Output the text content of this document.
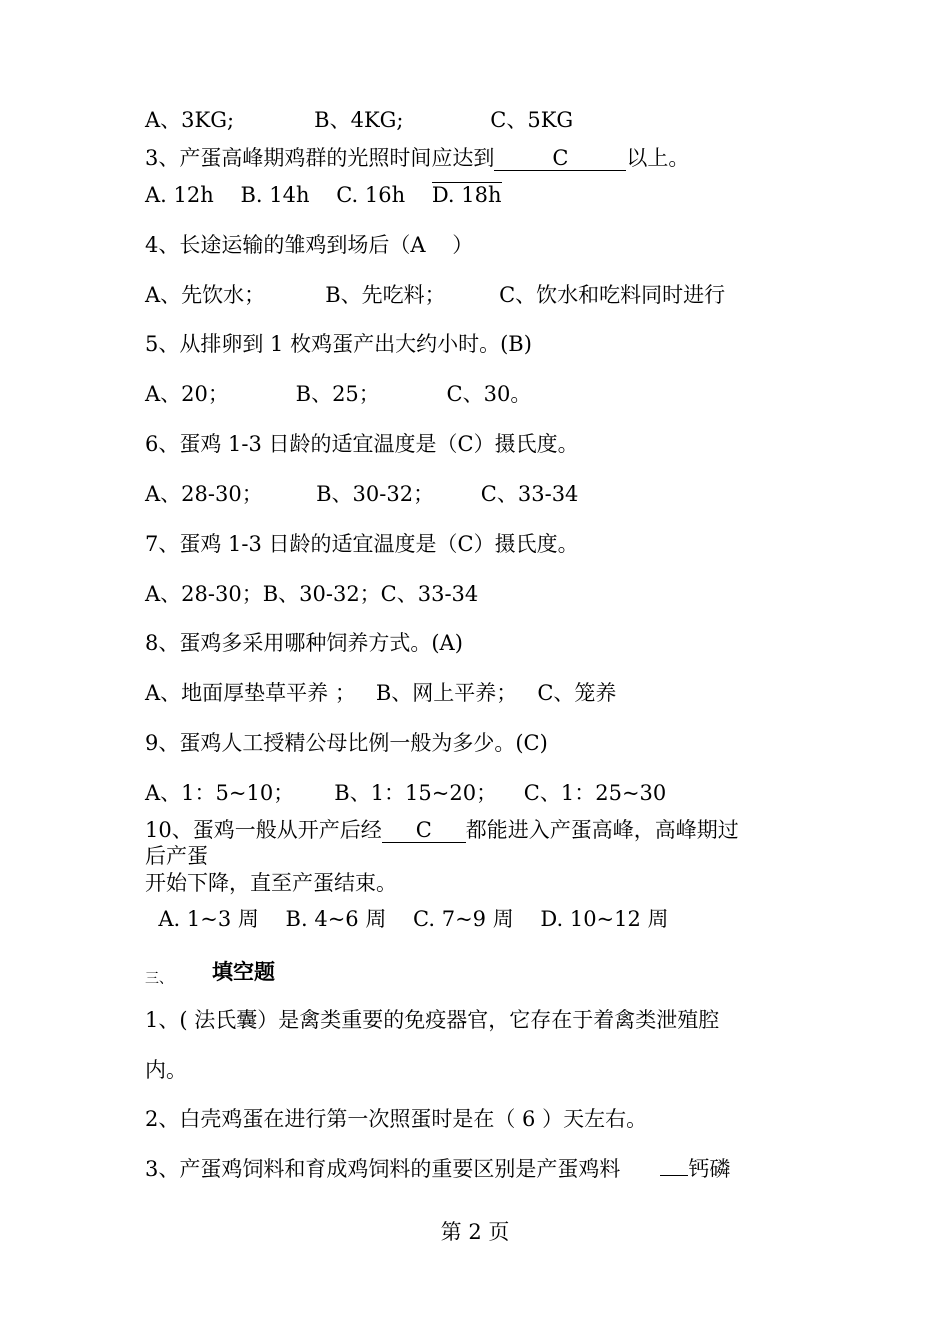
A、3KG;            B、4KG;             C、5KG
3、产蛋高峰期鸡群的光照时间应达到	C	以上。
A. 12h    B. 14h    C. 16h    D. 18h
4、长途运输的雏鸡到场后（A    ）
A、先饮水；         B、先吃料；        C、饮水和吃料同时进行
5、从排卵到 1 枚鸡蛋产出大约小时。(B)
A、20；          B、25；          C、30。
6、蛋鸡 1-3 日龄的适宜温度是（C）摄氏度。
A、28-30；        B、30-32；       C、33-34
7、蛋鸡 1-3 日龄的适宜温度是（C）摄氏度。
A、28-30；B、30-32；C、33-34
8、蛋鸡多采用哪种饲养方式。(A)
A、地面厚垫草平养 ；   B、网上平养；   C、笼养
9、蛋鸡人工授精公母比例一般为多少。(C)
A、1：5~10；      B、1：15~20；    C、1：25~30
10、蛋鸡一般从开产后经 C 都能进入产蛋高峰，高峰期过
后产蛋
开始下降，直至产蛋结束。
A. 1~3 周    B. 4~6 周    C. 7~9 周    D. 10~12 周
三、 填空题
1、( 法氏囊）是禽类重要的免疫器官，它存在于着禽类泄殖腔
内。
2、白壳鸡蛋在进行第一次照蛋时是在（ 6 ）天左右。
3、产蛋鸡饲料和育成鸡饲料的重要区别是产蛋鸡料      钙磷
第 2 页
